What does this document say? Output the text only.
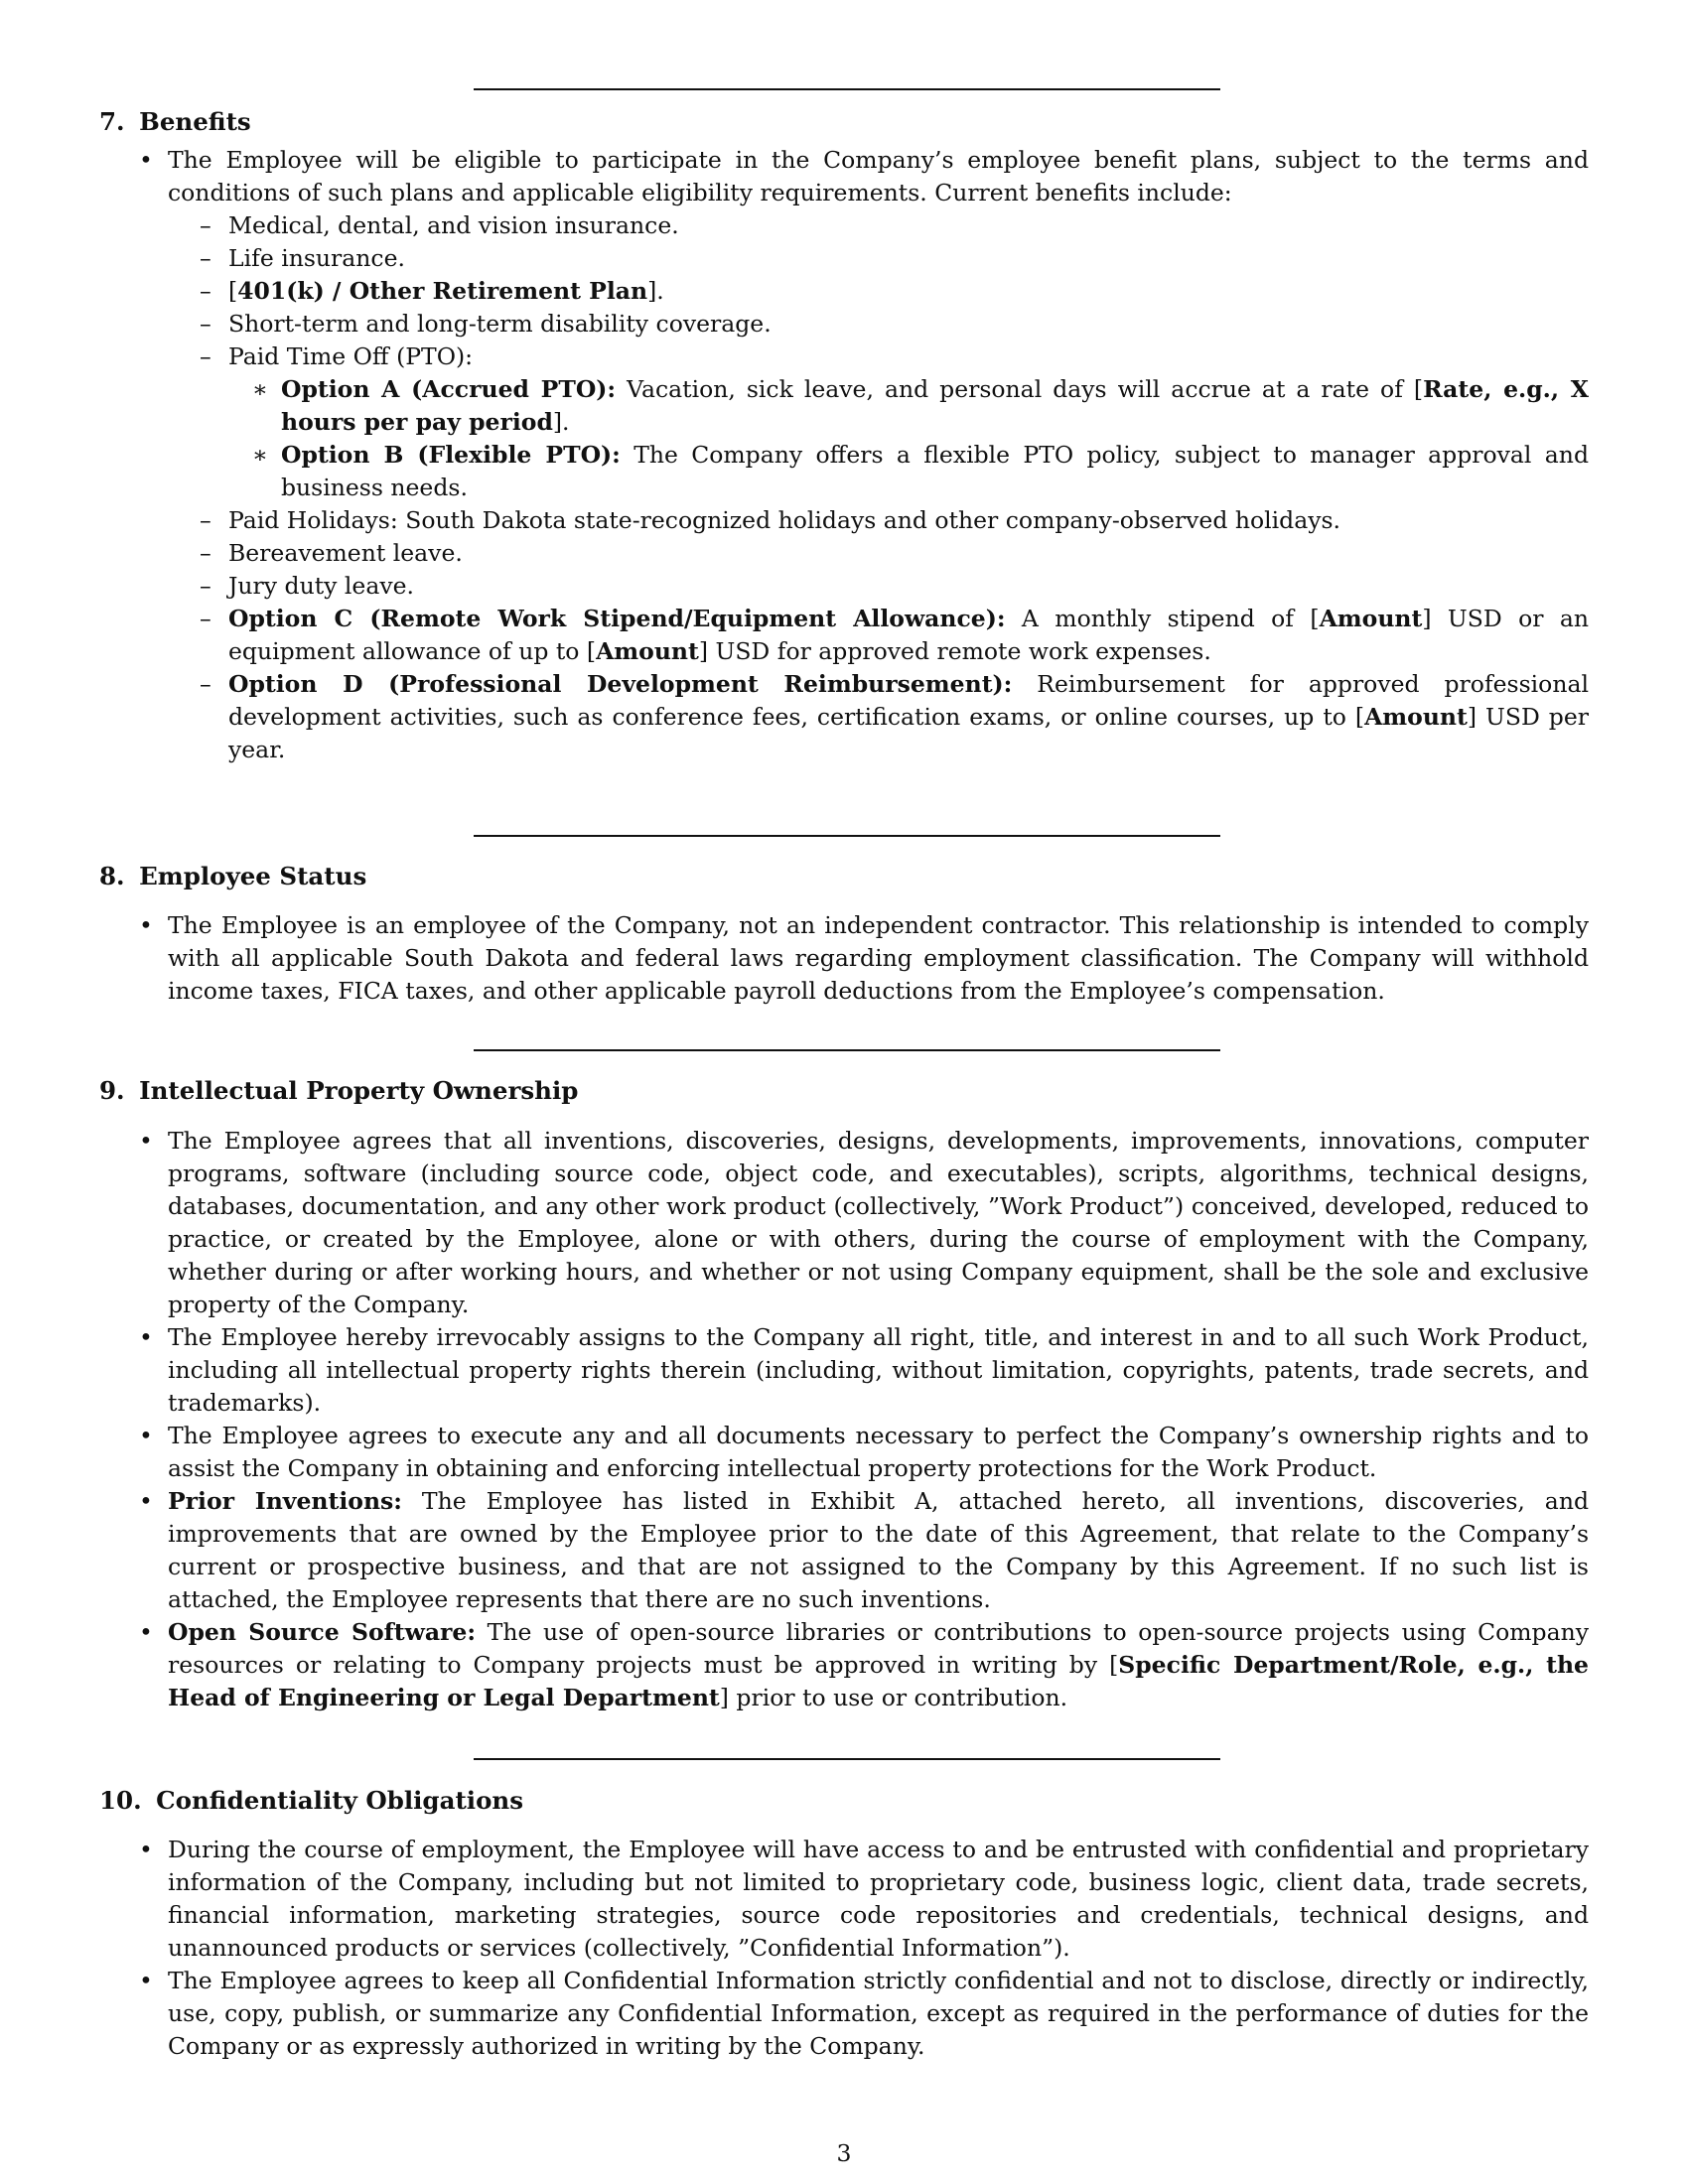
7. Benefits
• The Employee will be eligible to participate in the Company’s employee benefit plans, subject to the terms and conditions of such plans and applicable eligibility requirements. Current benefits include:
– Medical, dental, and vision insurance.
– Life insurance.
– [401(k) / Other Retirement Plan].
– Short-term and long-term disability coverage.
– Paid Time Off (PTO):
∗ Option A (Accrued PTO): Vacation, sick leave, and personal days will accrue at a rate of [Rate, e.g., X hours per pay period].
∗ Option B (Flexible PTO): The Company offers a flexible PTO policy, subject to manager approval and business needs.
– Paid Holidays: South Dakota state-recognized holidays and other company-observed holidays.
– Bereavement leave.
– Jury duty leave.
– Option C (Remote Work Stipend/Equipment Allowance): A monthly stipend of [Amount] USD or an equipment allowance of up to [Amount] USD for approved remote work expenses.
– Option D (Professional Development Reimbursement): Reimbursement for approved professional development activities, such as conference fees, certification exams, or online courses, up to [Amount] USD per year.
8. Employee Status
• The Employee is an employee of the Company, not an independent contractor. This relationship is intended to comply with all applicable South Dakota and federal laws regarding employment classification. The Company will withhold income taxes, FICA taxes, and other applicable payroll deductions from the Employee’s compensation.
9. Intellectual Property Ownership
• The Employee agrees that all inventions, discoveries, designs, developments, improvements, innovations, computer programs, software (including source code, object code, and executables), scripts, algorithms, technical designs, databases, documentation, and any other work product (collectively, ”Work Product”) conceived, developed, reduced to practice, or created by the Employee, alone or with others, during the course of employment with the Company, whether during or after working hours, and whether or not using Company equipment, shall be the sole and exclusive property of the Company.
• The Employee hereby irrevocably assigns to the Company all right, title, and interest in and to all such Work Product, including all intellectual property rights therein (including, without limitation, copyrights, patents, trade secrets, and trademarks).
• The Employee agrees to execute any and all documents necessary to perfect the Company’s ownership rights and to assist the Company in obtaining and enforcing intellectual property protections for the Work Product.
• Prior Inventions: The Employee has listed in Exhibit A, attached hereto, all inventions, discoveries, and improvements that are owned by the Employee prior to the date of this Agreement, that relate to the Company’s current or prospective business, and that are not assigned to the Company by this Agreement. If no such list is attached, the Employee represents that there are no such inventions.
• Open Source Software: The use of open-source libraries or contributions to open-source projects using Company resources or relating to Company projects must be approved in writing by [Specific Department/Role, e.g., the Head of Engineering or Legal Department] prior to use or contribution.
10. Confidentiality Obligations
• During the course of employment, the Employee will have access to and be entrusted with confidential and proprietary information of the Company, including but not limited to proprietary code, business logic, client data, trade secrets, financial information, marketing strategies, source code repositories and credentials, technical designs, and unannounced products or services (collectively, ”Confidential Information”).
• The Employee agrees to keep all Confidential Information strictly confidential and not to disclose, directly or indirectly, use, copy, publish, or summarize any Confidential Information, except as required in the performance of duties for the Company or as expressly authorized in writing by the Company.
3
